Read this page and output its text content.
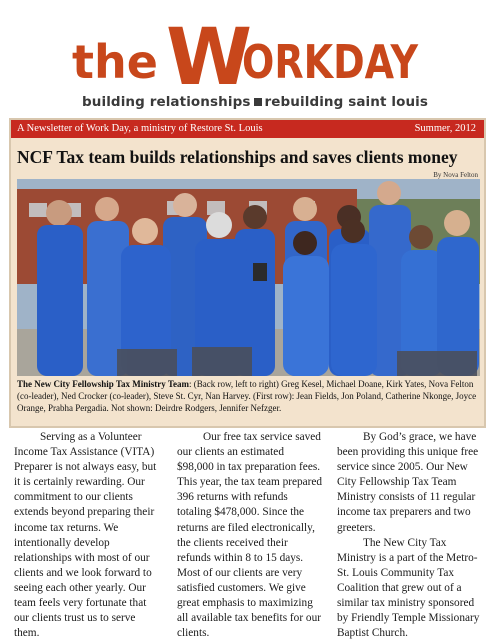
the W
ORKDAY
building relationships rebuilding saint louis
A Newsletter of Work Day, a ministry of Restore St. Louis	Summer, 2012
NCF Tax team builds relationships and saves clients money
By Nova Felton
The New City Fellowship Tax Ministry Team: (Back row, left to right) Greg Kesel, Michael Doane, Kirk Yates, Nova Felton (co-leader), Ned Crocker (co-leader), Steve St. Cyr, Nan Harvey. (First row): Jean Fields, Jon Poland, Catherine Nkonge, Joyce Orange, Prabha Pergadia. Not shown: Deirdre Rodgers, Jennifer Nefzger.

Serving as a Volunteer Income Tax Assistance (VITA) Preparer is not always easy, but it is certainly rewarding. Our commitment to our clients extends beyond preparing their income tax returns. We intentionally develop relationships with most of our clients and we look forward to seeing each other yearly. Our team feels very fortunate that our clients trust us to serve them.

Our free tax service saved our clients an estimated $98,000 in tax preparation fees. This year, the tax team prepared 396 returns with refunds totaling $478,000. Since the returns are filed electronically, the clients received their refunds within 8 to 15 days. Most of our clients are very satisfied customers. We give great emphasis to maximizing all available tax benefits for our clients.

By God’s grace, we have been providing this unique free service since 2005. Our New City Fellowship Tax Team Ministry consists of 11 regular income tax preparers and two greeters.

The New City Tax Ministry is a part of the Metro-St. Louis Community Tax Coalition that grew out of a similar tax ministry sponsored by Friendly Temple Missionary Baptist Church.
